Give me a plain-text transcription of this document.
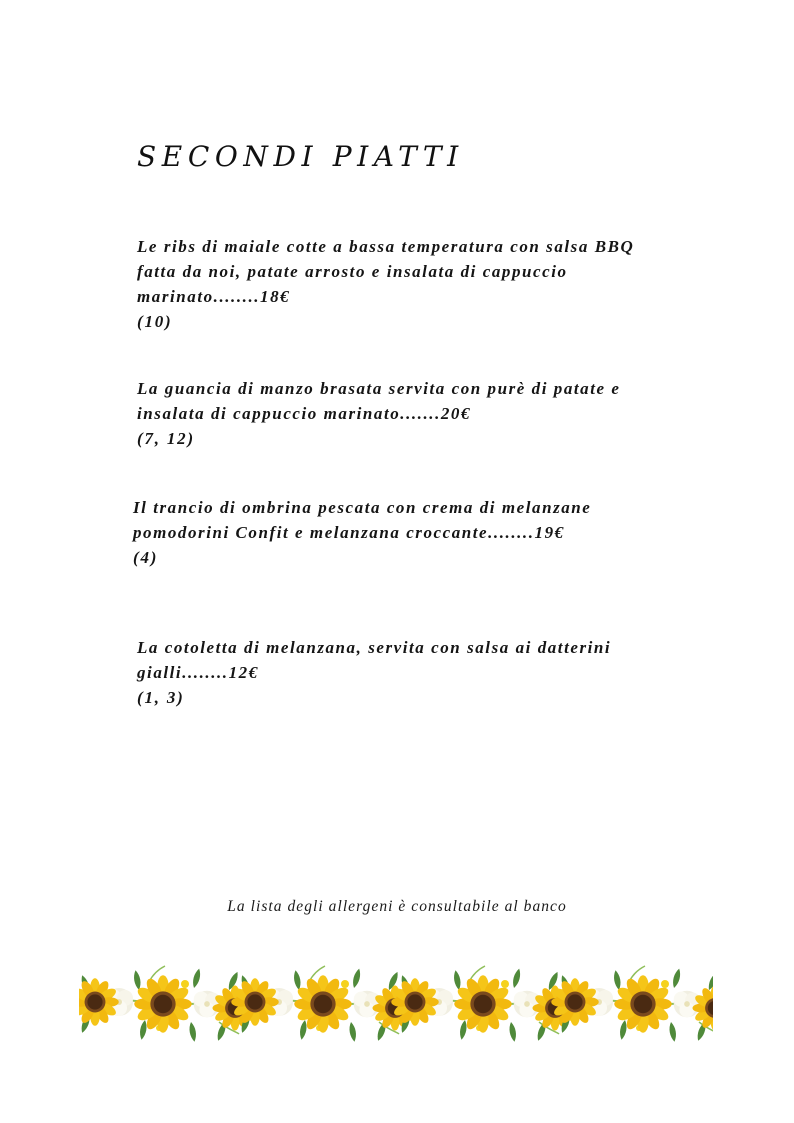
SECONDI PIATTI
Le ribs di maiale cotte a bassa temperatura con salsa BBQ
fatta da noi, patate arrosto e insalata di cappuccio
marinato........18€
(10)
La guancia di manzo brasata servita con purè di patate e
insalata di cappuccio marinato.......20€
(7, 12)
Il trancio di ombrina pescata con crema di melanzane
pomodorini Confit e melanzana croccante........19€
(4)
La cotoletta di melanzana, servita con salsa ai datterini
gialli........12€
(1, 3)

La lista degli allergeni è consultabile al banco
